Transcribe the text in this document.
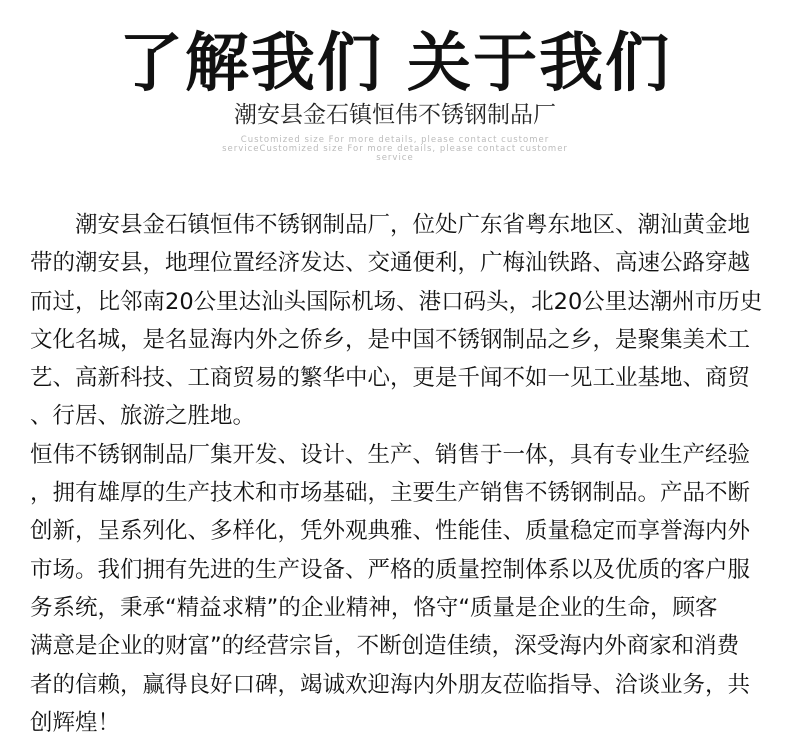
了解我们 关于我们
潮安县金石镇恒伟不锈钢制品厂
Customized size For more details, please contact customer serviceCustomized size For more details, please contact customer service
　　潮安县金石镇恒伟不锈钢制品厂，位处广东省粤东地区、潮汕黄金地
带的潮安县，地理位置经济发达、交通便利，广梅汕铁路、高速公路穿越
而过，比邻南20公里达汕头国际机场、港口码头，北20公里达潮州市历史
文化名城，是名显海内外之侨乡，是中国不锈钢制品之乡，是聚集美术工
艺、高新科技、工商贸易的繁华中心，更是千闻不如一见工业基地、商贸
、行居、旅游之胜地。
恒伟不锈钢制品厂集开发、设计、生产、销售于一体，具有专业生产经验
，拥有雄厚的生产技术和市场基础，主要生产销售不锈钢制品。产品不断
创新，呈系列化、多样化，凭外观典雅、性能佳、质量稳定而享誉海内外
市场。我们拥有先进的生产设备、严格的质量控制体系以及优质的客户服
务系统，秉承“精益求精”的企业精神，恪守“质量是企业的生命，顾客
满意是企业的财富”的经营宗旨，不断创造佳绩，深受海内外商家和消费
者的信赖，赢得良好口碑，竭诚欢迎海内外朋友莅临指导、洽谈业务，共
创辉煌！
